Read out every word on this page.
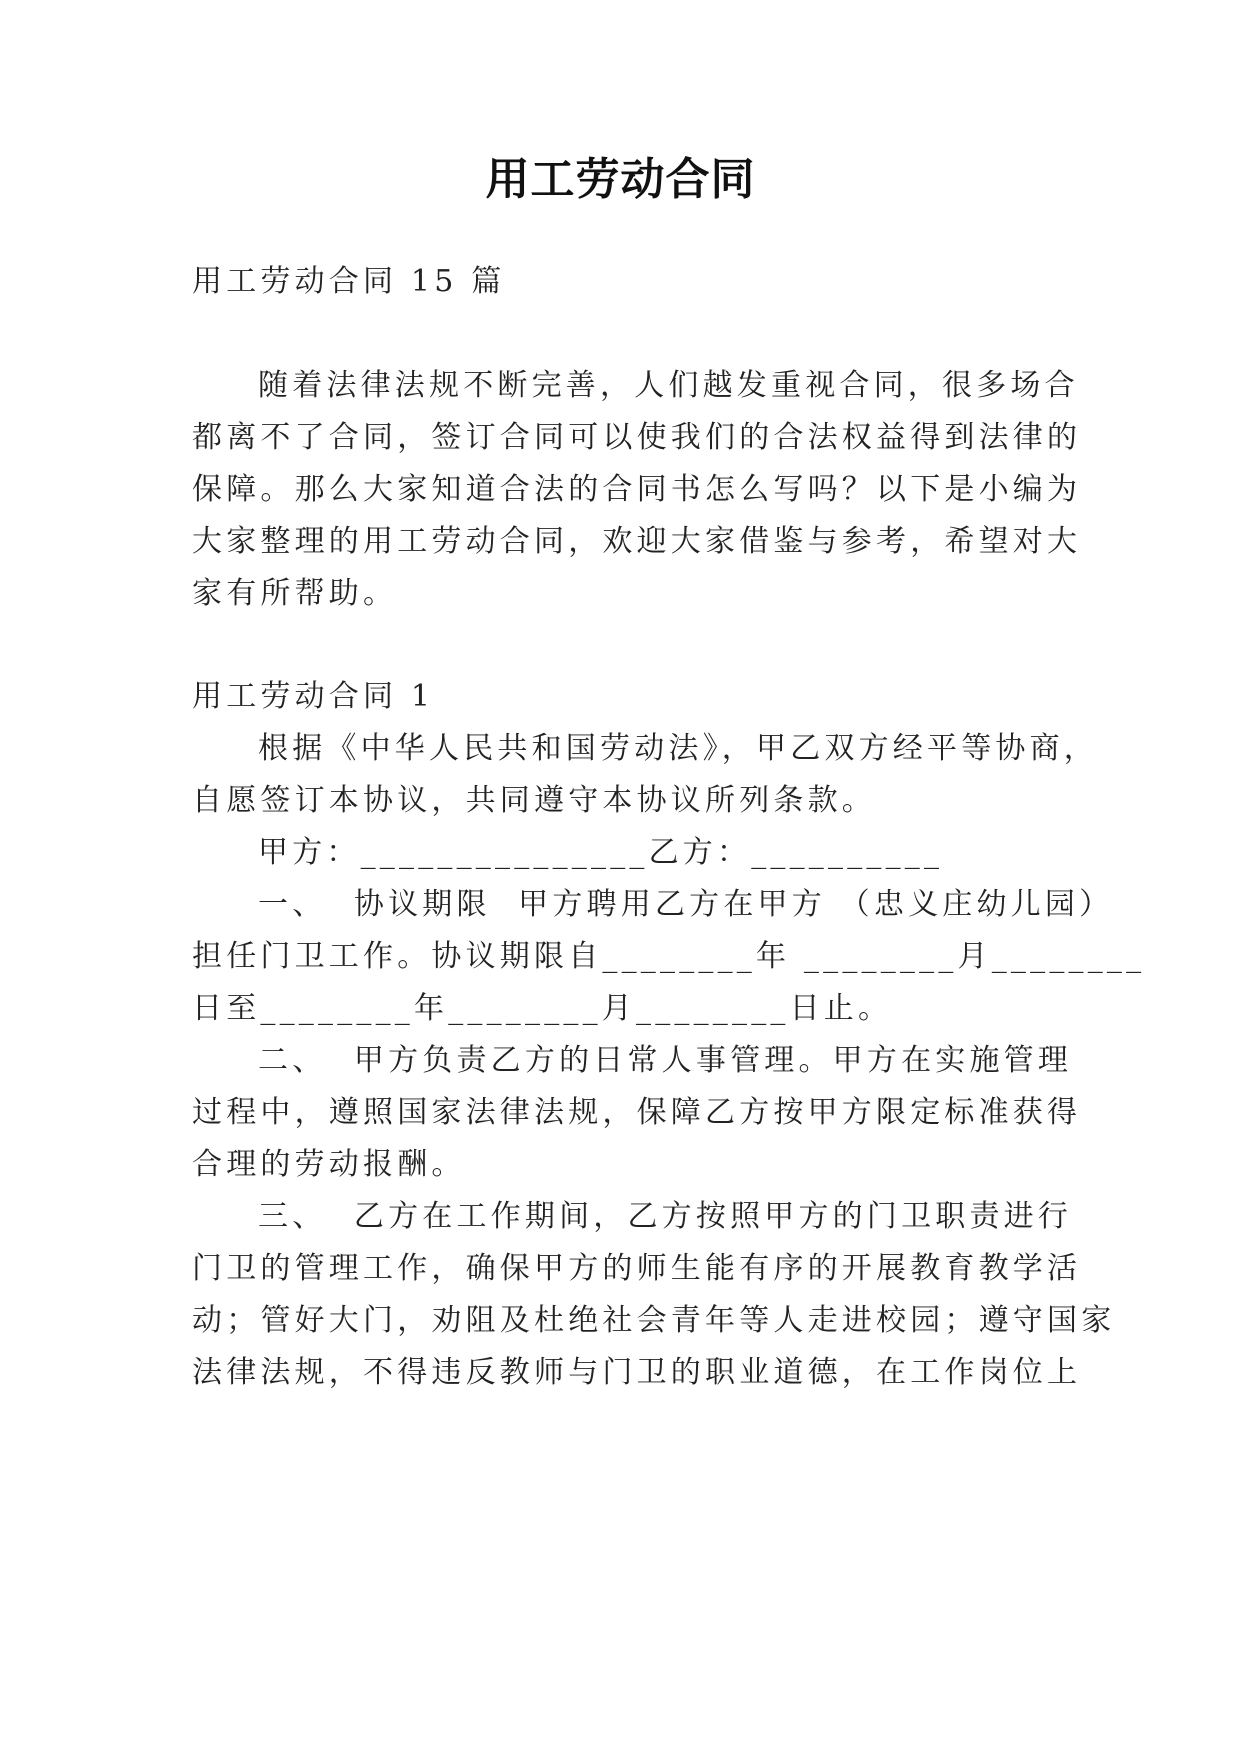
用工劳动合同
用工劳动合同 15 篇
随着法律法规不断完善，人们越发重视合同，很多场合
都离不了合同，签订合同可以使我们的合法权益得到法律的
保障。那么大家知道合法的合同书怎么写吗？以下是小编为
大家整理的用工劳动合同，欢迎大家借鉴与参考，希望对大
家有所帮助。
用工劳动合同 1
根据《中华人民共和国劳动法》，甲乙双方经平等协商，
自愿签订本协议，共同遵守本协议所列条款。
甲方：_______________乙方：__________
一、  协议期限  甲方聘用乙方在甲方 （忠义庄幼儿园）
担任门卫工作。协议期限自________年 ________月________
日至________年________月________日止。
二、  甲方负责乙方的日常人事管理。甲方在实施管理
过程中，遵照国家法律法规，保障乙方按甲方限定标准获得
合理的劳动报酬。
三、  乙方在工作期间，乙方按照甲方的门卫职责进行
门卫的管理工作，确保甲方的师生能有序的开展教育教学活
动；管好大门，劝阻及杜绝社会青年等人走进校园；遵守国家
法律法规，不得违反教师与门卫的职业道德，在工作岗位上
